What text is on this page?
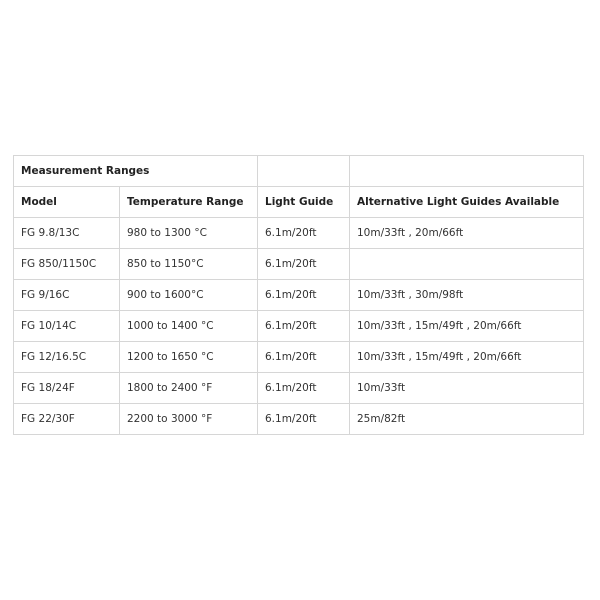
Measurement Ranges			
Model	Temperature Range	Light Guide	Alternative Light Guides Available
FG 9.8/13C	980 to 1300 °C	6.1m/20ft	10m/33ft , 20m/66ft
FG 850/1150C	850 to 1150°C	6.1m/20ft	
FG 9/16C	900 to 1600°C	6.1m/20ft	10m/33ft , 30m/98ft
FG 10/14C	1000 to 1400 °C	6.1m/20ft	10m/33ft , 15m/49ft , 20m/66ft
FG 12/16.5C	1200 to 1650 °C	6.1m/20ft	10m/33ft , 15m/49ft , 20m/66ft
FG 18/24F	1800 to 2400 °F	6.1m/20ft	10m/33ft
FG 22/30F	2200 to 3000 °F	6.1m/20ft	25m/82ft
